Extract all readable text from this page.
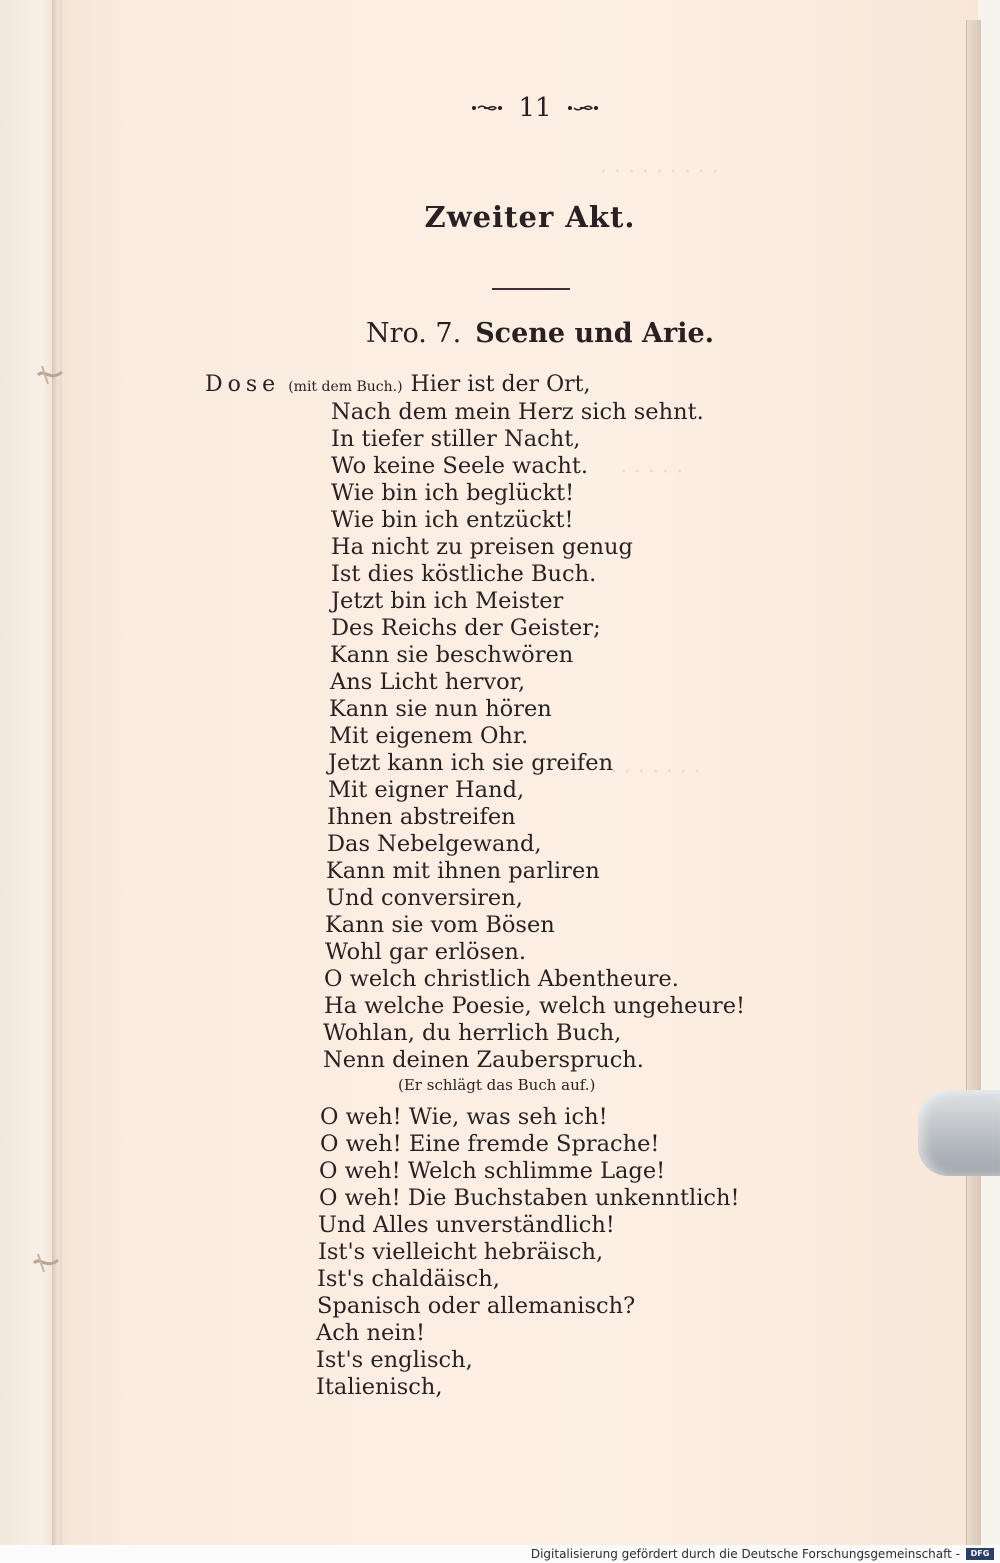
· · · · · · · · ·
· · · · ·
· · · · · · ·
11
Zweiter Akt.
Nro. 7. Scene und Arie.
Dose (mit dem Buch.) Hier ist der Ort,
Nach dem mein Herz sich sehnt.
In tiefer stiller Nacht,
Wo keine Seele wacht.
Wie bin ich beglückt!
Wie bin ich entzückt!
Ha nicht zu preisen genug
Ist dies köstliche Buch.
Jetzt bin ich Meister
Des Reichs der Geister;
Kann sie beschwören
Ans Licht hervor,
Kann sie nun hören
Mit eigenem Ohr.
Jetzt kann ich sie greifen
Mit eigner Hand,
Ihnen abstreifen
Das Nebelgewand,
Kann mit ihnen parliren
Und conversiren,
Kann sie vom Bösen
Wohl gar erlösen.
O welch christlich Abentheure.
Ha welche Poesie, welch ungeheure!
Wohlan, du herrlich Buch,
Nenn deinen Zauberspruch.
(Er schlägt das Buch auf.)
O weh! Wie, was seh ich!
O weh! Eine fremde Sprache!
O weh! Welch schlimme Lage!
O weh! Die Buchstaben unkenntlich!
Und Alles unverständlich!
Ist's vielleicht hebräisch,
Ist's chaldäisch,
Spanisch oder allemanisch?
Ach nein!
Ist's englisch,
Italienisch,
Digitalisierung gefördert durch die Deutsche Forschungsgemeinschaft -	DFG
